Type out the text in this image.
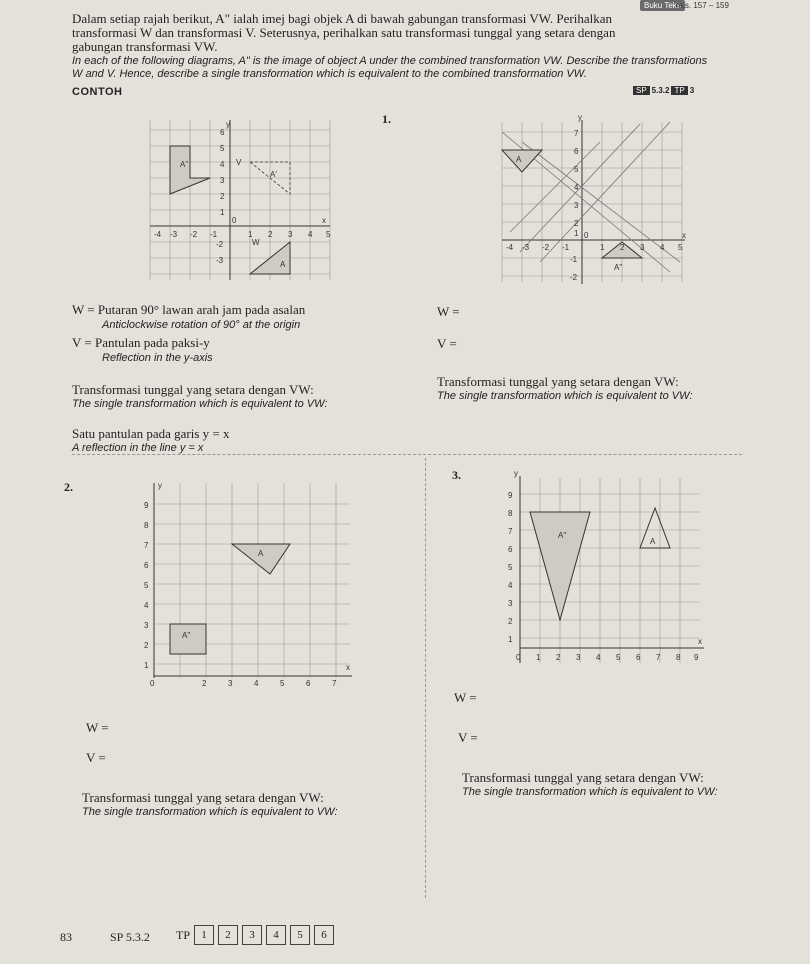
Buku Teks
m.s. 157 – 159
Dalam setiap rajah berikut, A" ialah imej bagi objek A di bawah gabungan transformasi VW. Perihalkan
transformasi W dan transformasi V. Seterusnya, perihalkan satu transformasi tunggal yang setara dengan
gabungan transformasi VW.
In each of the following diagrams, A" is the image of object A under the combined transformation VW. Describe the transformations
W and V. Hence, describe a single transformation which is equivalent to the combined transformation VW.
CONTOH	SP 5.3.2 TP 3
y
x
6
5
4
3
2
1
-2
-3
-4 -3 -2 -1
0
1 2 3 4 5
A"
A'
A
V
W
1.	y
x
7
6
5
4
3
2
1
-1
-2
-4 -3 -2 -1
0
1 2 3 4 5
A
A"
W = Putaran 90° lawan arah jam pada asalan
Anticlockwise rotation of 90° at the origin
V = Pantulan pada paksi-y
Reflection in the y-axis
Transformasi tunggal yang setara dengan VW:
The single transformation which is equivalent to VW:
Satu pantulan pada garis y = x
A reflection in the line y = x
W =
V =
Transformasi tunggal yang setara dengan VW:
The single transformation which is equivalent to VW:
2.	y
x
9
8
7
6
5
4
3
2
1
0	2	3	4	5	6	7
A
A"
W =
V =
Transformasi tunggal yang setara dengan VW:
The single transformation which is equivalent to VW:
3.	y
x
9
8
7
6
5
4
3
2
1
0 1 2 3 4 5 6 7 8 9
A"
A
W =
V =
Transformasi tunggal yang setara dengan VW:
The single transformation which is equivalent to VW:
83	SP 5.3.2 TP	1	2	3	4	5	6
